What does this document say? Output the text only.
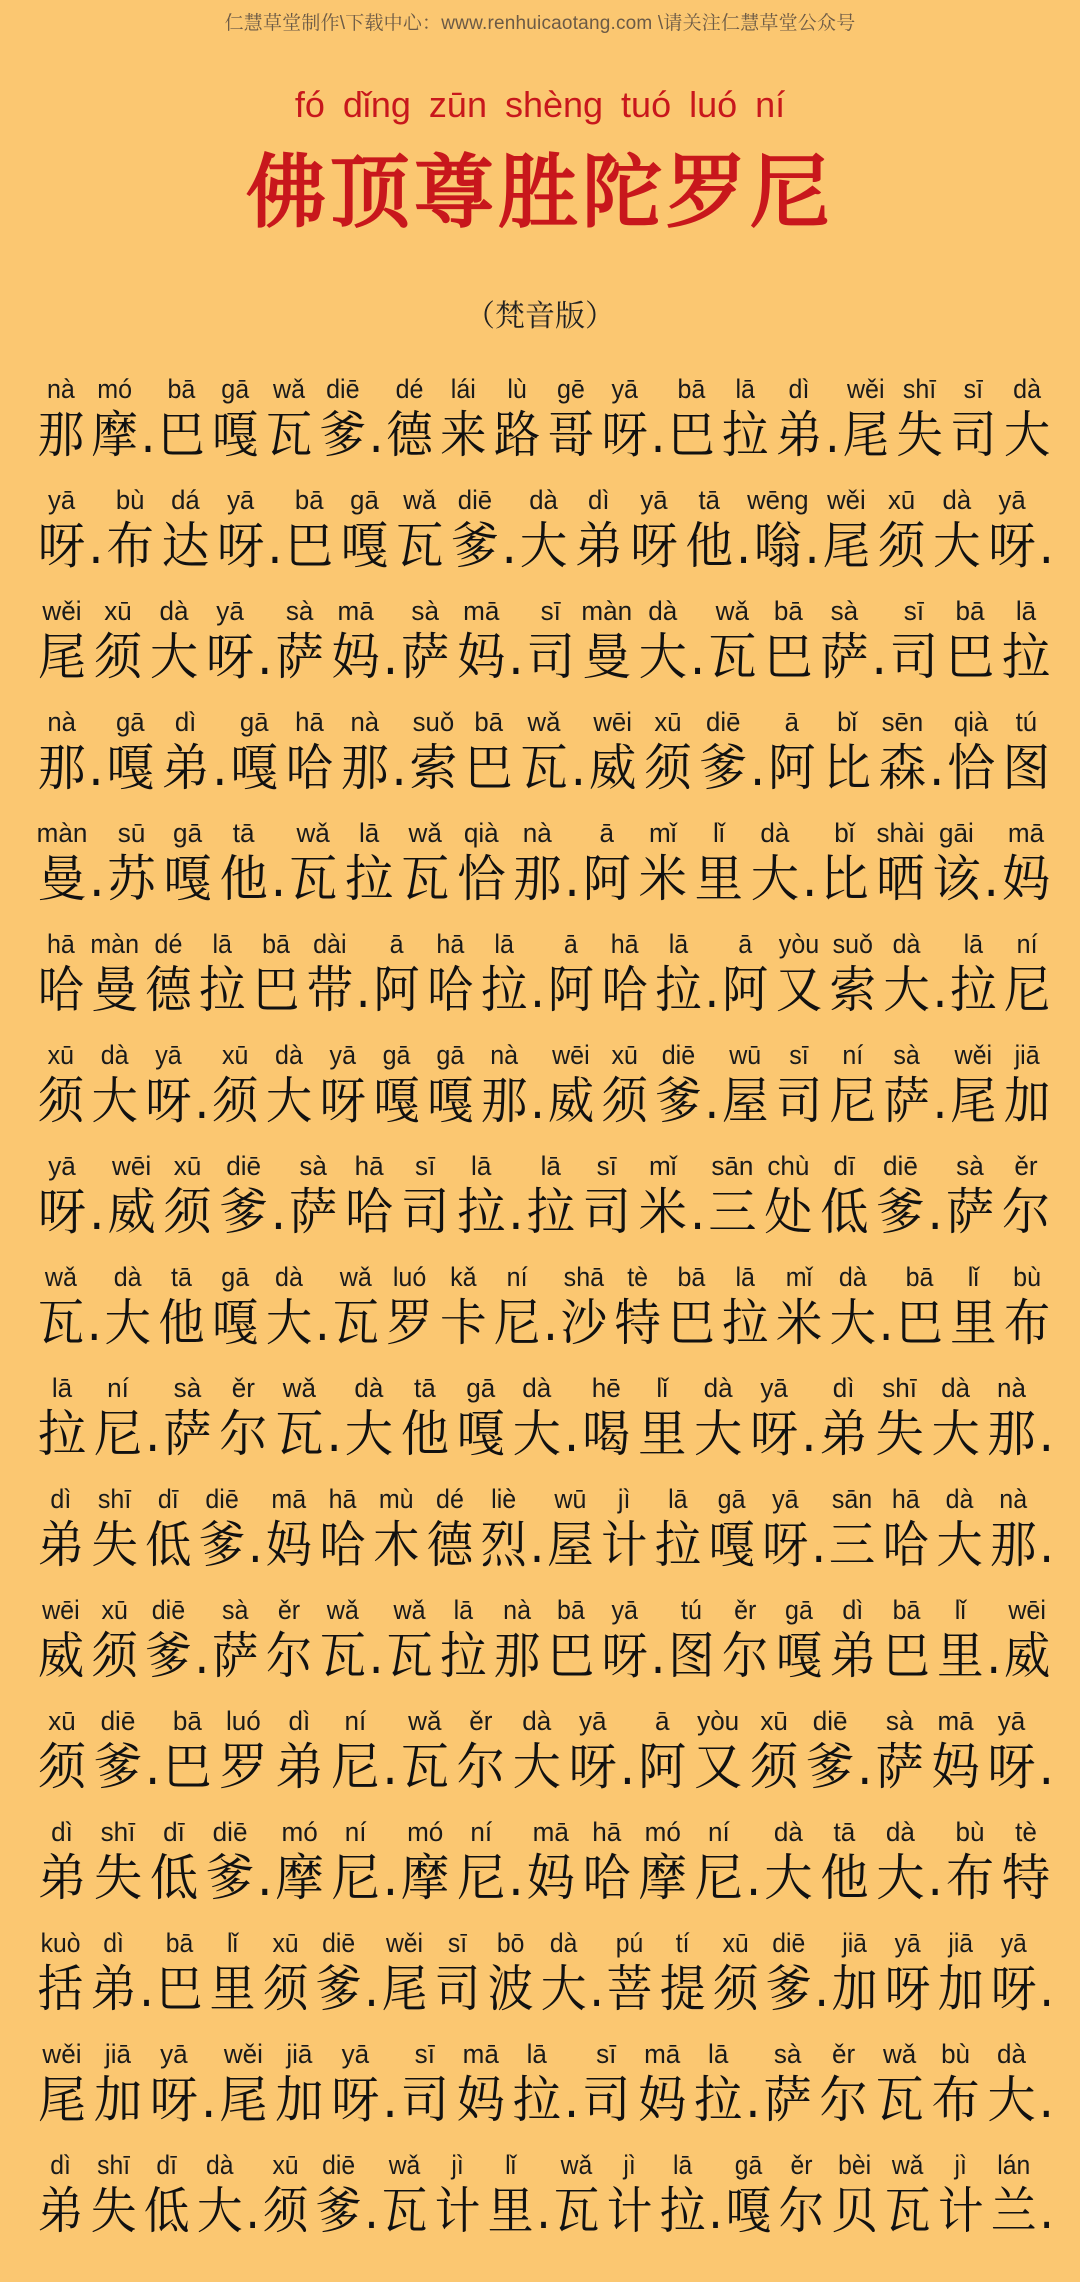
仁慧草堂制作\下载中心：www.renhuicaotang.com \请关注仁慧草堂公众号
fó dǐng zūn shèng tuó luó ní
佛顶尊胜陀罗尼
（梵音版）
nà
那
mó
摩 .
bā
巴
gā
嘎
wǎ
瓦
diē
爹 .
dé
德
lái
来
lù
路
gē
哥
yā
呀 .
bā
巴
lā
拉
dì
弟 .
wěi
尾
shī
失
sī
司
dà
大
yā
呀 .
bù
布
dá
达
yā
呀 .
bā
巴
gā
嘎
wǎ
瓦
diē
爹 .
dà
大
dì
弟
yā
呀
tā
他 .
wēng
嗡 .
wěi
尾
xū
须
dà
大
yā
呀 .
wěi
尾
xū
须
dà
大
yā
呀 .
sà
萨
mā
妈 .
sà
萨
mā
妈 .
sī
司
màn
曼
dà
大 .
wǎ
瓦
bā
巴
sà
萨 .
sī
司
bā
巴
lā
拉
nà
那 .
gā
嘎
dì
弟 .
gā
嘎
hā
哈
nà
那 .
suǒ
索
bā
巴
wǎ
瓦 .
wēi
威
xū
须
diē
爹 .
ā
阿
bǐ
比
sēn
森 .
qià
恰
tú
图
màn
曼 .
sū
苏
gā
嘎
tā
他 .
wǎ
瓦
lā
拉
wǎ
瓦
qià
恰
nà
那 .
ā
阿
mǐ
米
lǐ
里
dà
大 .
bǐ
比
shài
晒
gāi
该 .
mā
妈
hā
哈
màn
曼
dé
德
lā
拉
bā
巴
dài
带 .
ā
阿
hā
哈
lā
拉 .
ā
阿
hā
哈
lā
拉 .
ā
阿
yòu
又
suǒ
索
dà
大 .
lā
拉
ní
尼
xū
须
dà
大
yā
呀 .
xū
须
dà
大
yā
呀
gā
嘎
gā
嘎
nà
那 .
wēi
威
xū
须
diē
爹 .
wū
屋
sī
司
ní
尼
sà
萨 .
wěi
尾
jiā
加
yā
呀 .
wēi
威
xū
须
diē
爹 .
sà
萨
hā
哈
sī
司
lā
拉 .
lā
拉
sī
司
mǐ
米 .
sān
三
chù
处
dī
低
diē
爹 .
sà
萨
ěr
尔
wǎ
瓦 .
dà
大
tā
他
gā
嘎
dà
大 .
wǎ
瓦
luó
罗
kǎ
卡
ní
尼 .
shā
沙
tè
特
bā
巴
lā
拉
mǐ
米
dà
大 .
bā
巴
lǐ
里
bù
布
lā
拉
ní
尼 .
sà
萨
ěr
尔
wǎ
瓦 .
dà
大
tā
他
gā
嘎
dà
大 .
hē
喝
lǐ
里
dà
大
yā
呀 .
dì
弟
shī
失
dà
大
nà
那 .
dì
弟
shī
失
dī
低
diē
爹 .
mā
妈
hā
哈
mù
木
dé
德
liè
烈 .
wū
屋
jì
计
lā
拉
gā
嘎
yā
呀 .
sān
三
hā
哈
dà
大
nà
那 .
wēi
威
xū
须
diē
爹 .
sà
萨
ěr
尔
wǎ
瓦 .
wǎ
瓦
lā
拉
nà
那
bā
巴
yā
呀 .
tú
图
ěr
尔
gā
嘎
dì
弟
bā
巴
lǐ
里 .
wēi
威
xū
须
diē
爹 .
bā
巴
luó
罗
dì
弟
ní
尼 .
wǎ
瓦
ěr
尔
dà
大
yā
呀 .
ā
阿
yòu
又
xū
须
diē
爹 .
sà
萨
mā
妈
yā
呀 .
dì
弟
shī
失
dī
低
diē
爹 .
mó
摩
ní
尼 .
mó
摩
ní
尼 .
mā
妈
hā
哈
mó
摩
ní
尼 .
dà
大
tā
他
dà
大 .
bù
布
tè
特
kuò
括
dì
弟 .
bā
巴
lǐ
里
xū
须
diē
爹 .
wěi
尾
sī
司
bō
波
dà
大 .
pú
菩
tí
提
xū
须
diē
爹 .
jiā
加
yā
呀
jiā
加
yā
呀 .
wěi
尾
jiā
加
yā
呀 .
wěi
尾
jiā
加
yā
呀 .
sī
司
mā
妈
lā
拉 .
sī
司
mā
妈
lā
拉 .
sà
萨
ěr
尔
wǎ
瓦
bù
布
dà
大 .
dì
弟
shī
失
dī
低
dà
大 .
xū
须
diē
爹 .
wǎ
瓦
jì
计
lǐ
里 .
wǎ
瓦
jì
计
lā
拉 .
gā
嘎
ěr
尔
bèi
贝
wǎ
瓦
jì
计
lán
兰 .
